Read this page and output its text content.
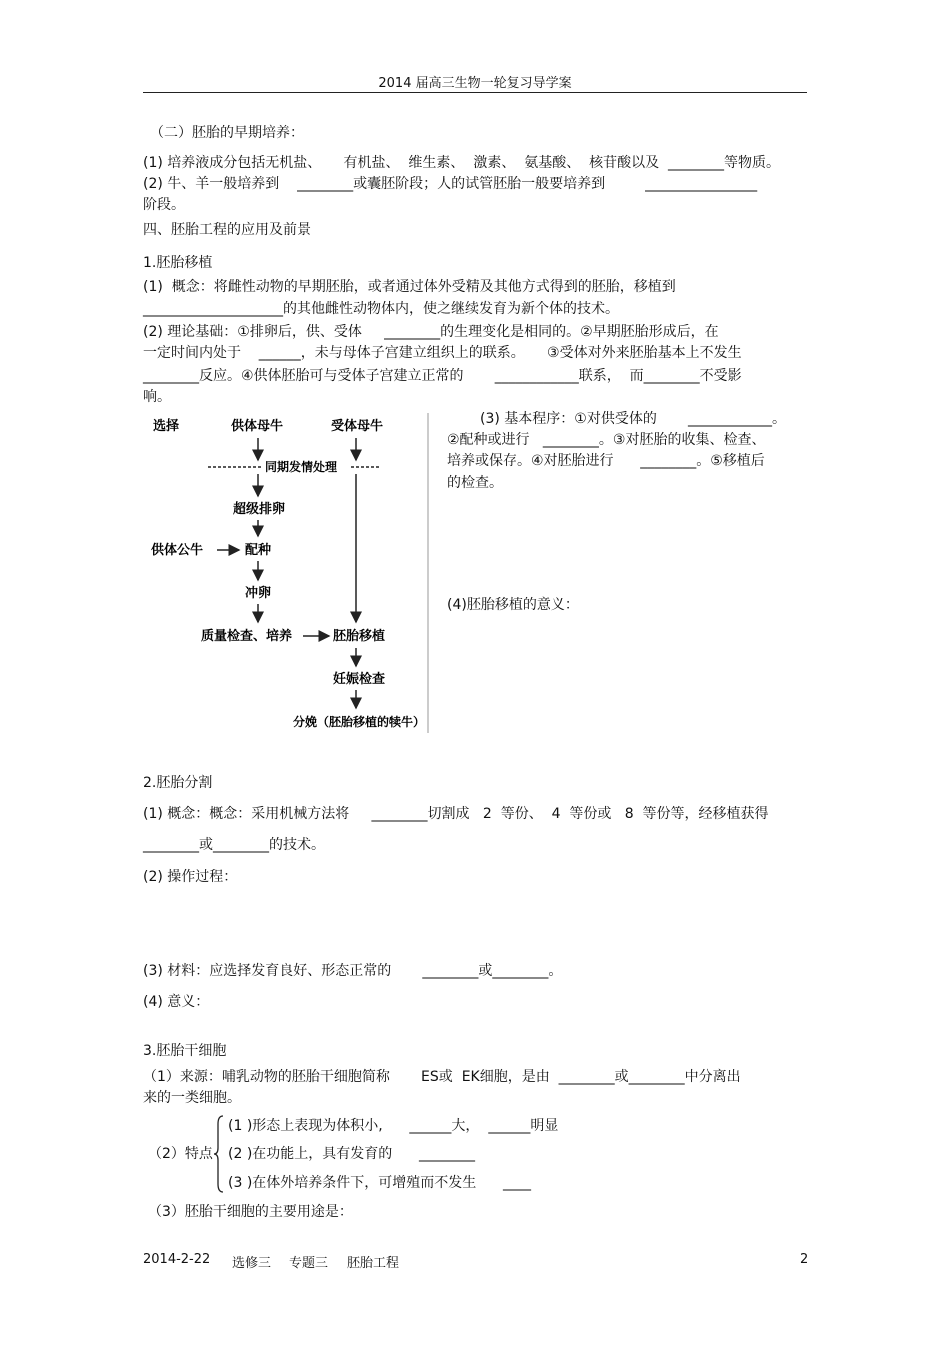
2014 届高三生物一轮复习导学案
（二）胚胎的早期培养：
(1) 培养液成分包括无机盐、     有机盐、  维生素、  激素、  氨基酸、  核苷酸以及  ________等物质。
(2) 牛、羊一般培养到    ________或囊胚阶段；人的试管胚胎一般要培养到         ________________
阶段。
四、胚胎工程的应用及前景
1.胚胎移植
(1)  概念：将雌性动物的早期胚胎，或者通过体外受精及其他方式得到的胚胎，移植到
____________________的其他雌性动物体内，使之继续发育为新个体的技术。
(2) 理论基础：①排卵后，供、受体     ________的生理变化是相同的。②早期胚胎形成后，在
一定时间内处于    ______，未与母体子宫建立组织上的联系。     ③受体对外来胚胎基本上不发生
________反应。④供体胚胎可与受体子宫建立正常的       ____________联系，  而________不受影
响。
选择	供体母牛	受体母牛
同期发情处理
超级排卵
供体公牛	配种
冲卵
质量检查、培养	胚胎移植
妊娠检查
分娩（胚胎移植的犊牛）
(3) 基本程序：①对供受体的       ____________。
②配种或进行   ________。③对胚胎的收集、检查、
培养或保存。④对胚胎进行      ________。⑤移植后
的检查。
(4)胚胎移植的意义：
2.胚胎分割
(1) 概念：概念：采用机械方法将     ________切割成   2  等份、  4  等份或   8  等份等，经移植获得
________或________的技术。
(2) 操作过程：
(3) 材料：应选择发育良好、形态正常的       ________或________。
(4) 意义：
3.胚胎干细胞
（1）来源：哺乳动物的胚胎干细胞简称       ES或  EK细胞，是由  ________或________中分离出
来的一类细胞。
（2）特点
(1 )形态上表现为体积小,      ______大，  ______明显
(2 )在功能上，具有发育的      ________
(3 )在体外培养条件下，可增殖而不发生      ____
（3）胚胎干细胞的主要用途是：
2014-2-22 选修三 专题三 胚胎工程	2
